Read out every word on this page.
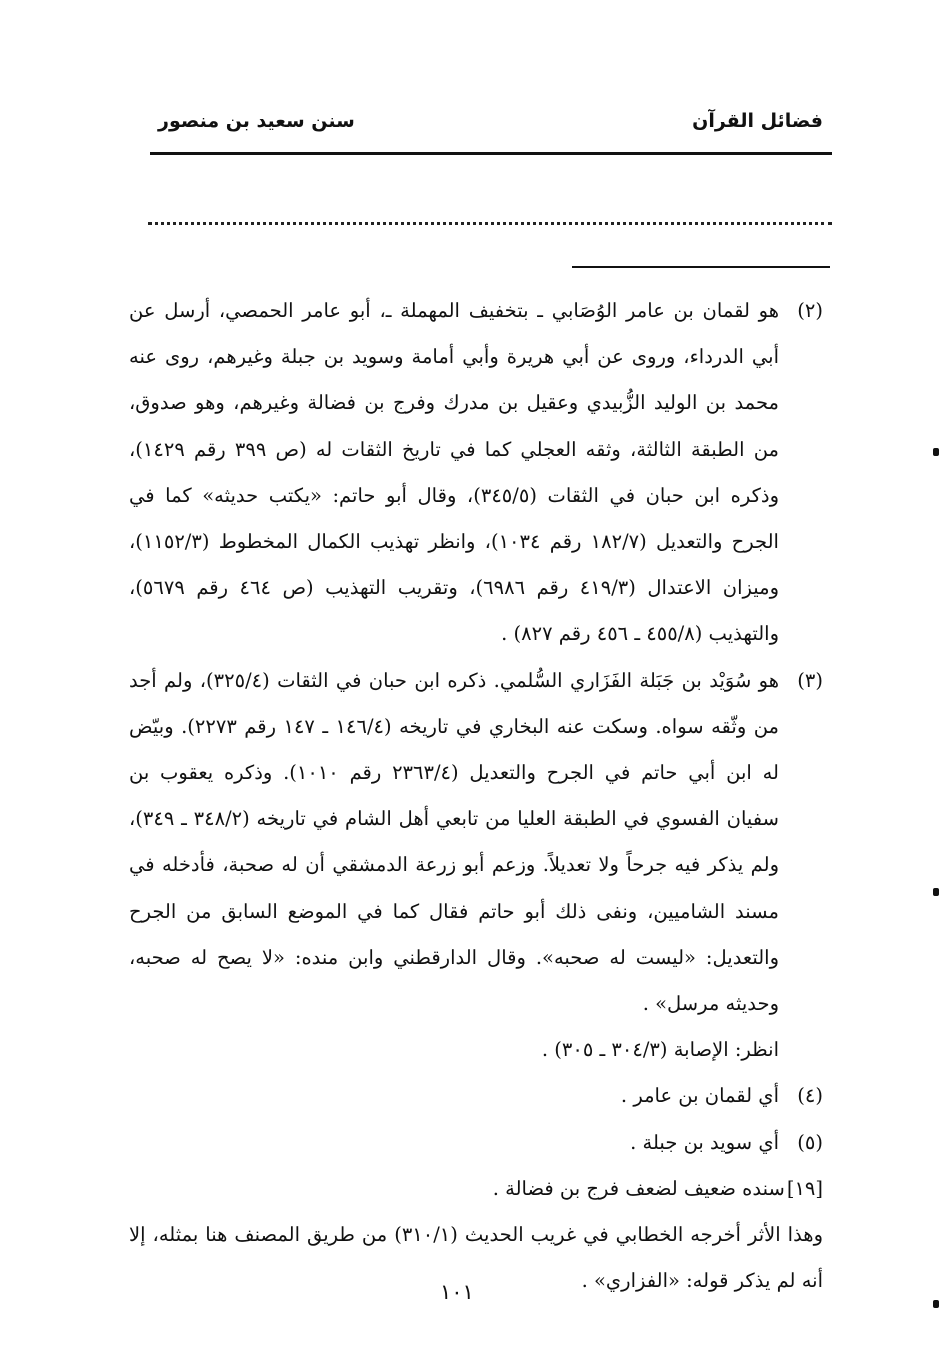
فضائل القرآن
سنن سعيد بن منصور

(٢)
هو لقمان بن عامر الوُصَابي ـ بتخفيف المهملة ـ، أبو عامر الحمصي، أرسل عن أبي الدرداء، وروى عن أبي هريرة وأبي أمامة وسويد بن جبلة وغيرهم، روى عنه محمد بن الوليد الزُّبيدي وعقيل بن مدرك وفرج بن فضالة وغيرهم، وهو صدوق، من الطبقة الثالثة، وثقه العجلي كما في تاريخ الثقات له (ص ٣٩٩ رقم ١٤٢٩)، وذكره ابن حبان في الثقات (٣٤٥/٥)، وقال أبو حاتم: «يكتب حديثه» كما في الجرح والتعديل (١٨٢/٧ رقم ١٠٣٤)، وانظر تهذيب الكمال المخطوط (١١٥٢/٣)، وميزان الاعتدال (٤١٩/٣ رقم ٦٩٨٦)، وتقريب التهذيب (ص ٤٦٤ رقم ٥٦٧٩)، والتهذيب (٤٥٥/٨ ـ ٤٥٦ رقم ٨٢٧) .

(٣)
هو سُوَيْد بن جَبَلة الفَزَاري السُّلمي. ذكره ابن حبان في الثقات (٣٢٥/٤)، ولم أجد من وثّقه سواه. وسكت عنه البخاري في تاريخه (١٤٦/٤ ـ ١٤٧ رقم ٢٢٧٣). وبيّض له ابن أبي حاتم في الجرح والتعديل (٢٣٦٣/٤ رقم ١٠١٠). وذكره يعقوب بن سفيان الفسوي في الطبقة العليا من تابعي أهل الشام في تاريخه (٣٤٨/٢ ـ ٣٤٩)، ولم يذكر فيه جرحاً ولا تعديلاً. وزعم أبو زرعة الدمشقي أن له صحبة، فأدخله في مسند الشاميين، ونفى ذلك أبو حاتم فقال كما في الموضع السابق من الجرح والتعديل: «ليست له صحبه». وقال الدارقطني وابن منده: «لا يصح له صحبه، وحديثه مرسل» .

انظر: الإصابة (٣٠٤/٣ ـ ٣٠٥) .

(٤)
أي لقمان بن عامر .

(٥)
أي سويد بن جبلة .

[١٩]سنده ضعيف لضعف فرج بن فضالة .

وهذا الأثر أخرجه الخطابي في غريب الحديث (٣١٠/١) من طريق المصنف هنا بمثله، إلا أنه لم يذكر قوله: «الفزاري» .

١٠١
